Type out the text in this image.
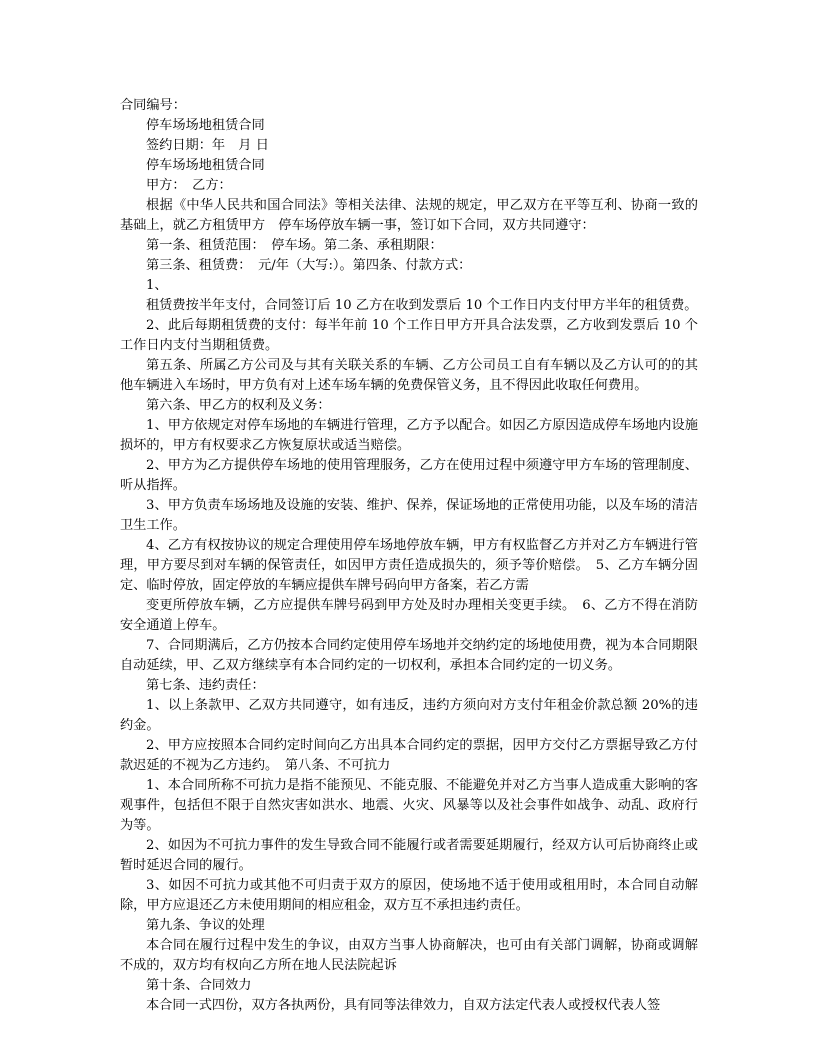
合同编号：

停车场场地租赁合同

签约日期：年　月 日

停车场场地租赁合同

甲方：　乙方：

根据《中华人民共和国合同法》等相关法律、法规的规定，甲乙双方在平等互利、协商一致的基础上，就乙方租赁甲方　停车场停放车辆一事，签订如下合同，双方共同遵守：

第一条、租赁范围：　停车场。第二条、承租期限：

第三条、租赁费：　元/年（大写:）。第四条、付款方式：

1、

租赁费按半年支付，合同签订后 10 乙方在收到发票后 10 个工作日内支付甲方半年的租赁费。

2、此后每期租赁费的支付：每半年前 10 个工作日甲方开具合法发票，乙方收到发票后 10 个工作日内支付当期租赁费。

第五条、所属乙方公司及与其有关联关系的车辆、乙方公司员工自有车辆以及乙方认可的的其他车辆进入车场时，甲方负有对上述车场车辆的免费保管义务，且不得因此收取任何费用。

第六条、甲乙方的权利及义务：

1、甲方依规定对停车场地的车辆进行管理，乙方予以配合。如因乙方原因造成停车场地内设施损坏的，甲方有权要求乙方恢复原状或适当赔偿。

2、甲方为乙方提供停车场地的使用管理服务，乙方在使用过程中须遵守甲方车场的管理制度、听从指挥。

3、甲方负责车场场地及设施的安装、维护、保养，保证场地的正常使用功能，以及车场的清洁卫生工作。

4、乙方有权按协议的规定合理使用停车场地停放车辆，甲方有权监督乙方并对乙方车辆进行管理，甲方要尽到对车辆的保管责任，如因甲方责任造成损失的，须予等价赔偿。　5、乙方车辆分固定、临时停放，固定停放的车辆应提供车牌号码向甲方备案，若乙方需

变更所停放车辆，乙方应提供车牌号码到甲方处及时办理相关变更手续。　6、乙方不得在消防安全通道上停车。

7、合同期满后，乙方仍按本合同约定使用停车场地并交纳约定的场地使用费，视为本合同期限自动延续，甲、乙双方继续享有本合同约定的一切权利，承担本合同约定的一切义务。

第七条、违约责任：

1、以上条款甲、乙双方共同遵守，如有违反，违约方须向对方支付年租金价款总额 20%的违约金。

2、甲方应按照本合同约定时间向乙方出具本合同约定的票据，因甲方交付乙方票据导致乙方付款迟延的不视为乙方违约。　第八条、不可抗力

1、本合同所称不可抗力是指不能预见、不能克服、不能避免并对乙方当事人造成重大影响的客观事件，包括但不限于自然灾害如洪水、地震、火灾、风暴等以及社会事件如战争、动乱、政府行为等。

2、如因为不可抗力事件的发生导致合同不能履行或者需要延期履行，经双方认可后协商终止或暂时延迟合同的履行。

3、如因不可抗力或其他不可归责于双方的原因，使场地不适于使用或租用时，本合同自动解除，甲方应退还乙方未使用期间的相应租金，双方互不承担违约责任。

第九条、争议的处理

本合同在履行过程中发生的争议，由双方当事人协商解决，也可由有关部门调解，协商或调解不成的，双方均有权向乙方所在地人民法院起诉

第十条、合同效力

本合同一式四份，双方各执两份，具有同等法律效力，自双方法定代表人或授权代表人签
